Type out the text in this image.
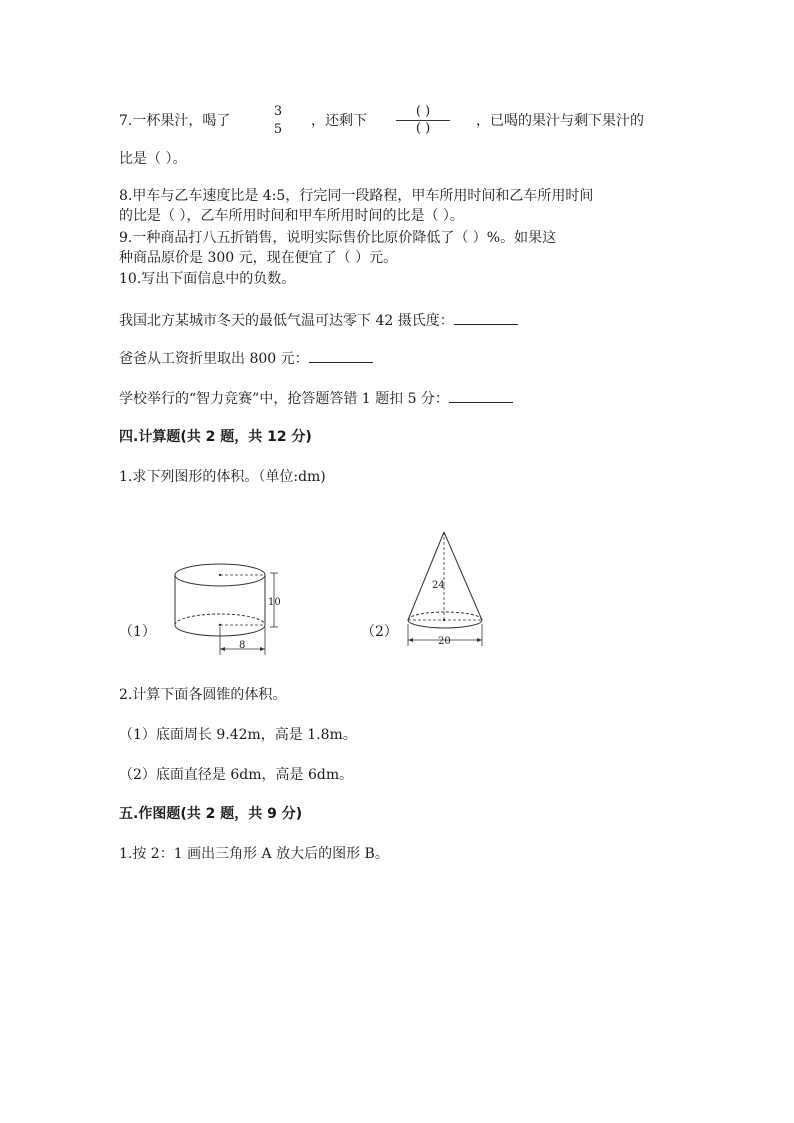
7.一杯果汁，喝了
3
5
，还剩下
( )
( )	，已喝的果汁与剩下果汁的
比是（ ）。
8.甲车与乙车速度比是 4:5，行完同一段路程，甲车所用时间和乙车所用时间
的比是（ ），乙车所用时间和甲车所用时间的比是（ ）。
9.一种商品打八五折销售，说明实际售价比原价降低了（ ）%。如果这
种商品原价是 300 元，现在便宜了（ ）元。
10.写出下面信息中的负数。
我国北方某城市冬天的最低气温可达零下 42 摄氏度：
爸爸从工资折里取出 800 元：
学校举行的“智力竞赛”中，抢答题答错 1 题扣 5 分：
四.计算题(共 2 题，共 12 分)
1.求下列图形的体积。（单位:dm)
（1）
10
8
（2）
24
20
2.计算下面各圆锥的体积。
（1）底面周长 9.42m，高是 1.8m。
（2）底面直径是 6dm，高是 6dm。
五.作图题(共 2 题，共 9 分)
1.按 2：1 画出三角形 A 放大后的图形 B。
